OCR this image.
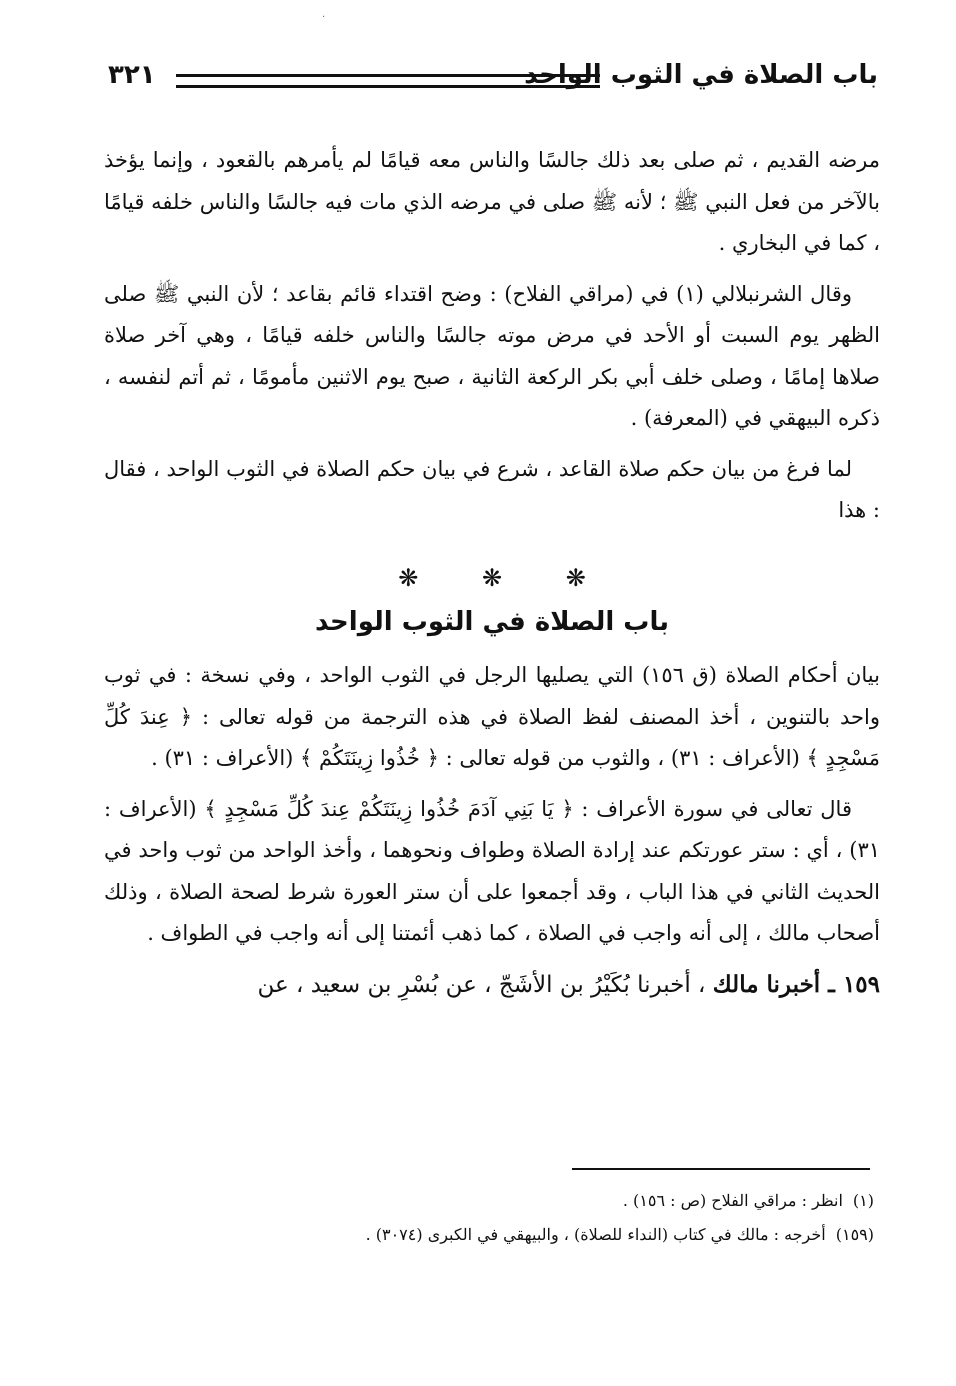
·
باب الصلاة في الثوب الواحد
٣٢١

مرضه القديم ، ثم صلى بعد ذلك جالسًا والناس معه قيامًا لم يأمرهم بالقعود ، وإنما يؤخذ بالآخر من فعل النبي ﷺ ؛ لأنه ﷺ صلى في مرضه الذي مات فيه جالسًا والناس خلفه قيامًا ، كما في البخاري .

وقال الشرنبلالي (١) في (مراقي الفلاح) : وضح اقتداء قائم بقاعد ؛ لأن النبي ﷺ صلى الظهر يوم السبت أو الأحد في مرض موته جالسًا والناس خلفه قيامًا ، وهي آخر صلاة صلاها إمامًا ، وصلى خلف أبي بكر الركعة الثانية ، صبح يوم الاثنين مأمومًا ، ثم أتم لنفسه ، ذكره البيهقي في (المعرفة) .

لما فرغ من بيان حكم صلاة القاعد ، شرع في بيان حكم الصلاة في الثوب الواحد ، فقال : هذا

❋	❋	❋
باب الصلاة في الثوب الواحد

بيان أحكام الصلاة (ق ١٥٦) التي يصليها الرجل في الثوب الواحد ، وفي نسخة : في ثوب واحد بالتنوين ، أخذ المصنف لفظ الصلاة في هذه الترجمة من قوله تعالى : ﴿ عِندَ كُلِّ مَسْجِدٍ ﴾ (الأعراف : ٣١) ، والثوب من قوله تعالى : ﴿ خُذُوا زِينَتَكُمْ ﴾ (الأعراف : ٣١) .

قال تعالى في سورة الأعراف : ﴿ يَا بَنِي آدَمَ خُذُوا زِينَتَكُمْ عِندَ كُلِّ مَسْجِدٍ ﴾ (الأعراف : ٣١) ، أي : ستر عورتكم عند إرادة الصلاة وطواف ونحوهما ، وأخذ الواحد من ثوب واحد في الحديث الثاني في هذا الباب ، وقد أجمعوا على أن ستر العورة شرط لصحة الصلاة ، وذلك أصحاب مالك ، إلى أنه واجب في الصلاة ، كما ذهب أئمتنا إلى أنه واجب في الطواف .

١٥٩ ـ أخبرنا مالك ، أخبرنا بُكَيْرُ بن الأشَجّ ، عن بُسْرِ بن سعيد ، عن

(١)انظر : مراقي الفلاح (ص : ١٥٦) .

(١٥٩)أخرجه : مالك في كتاب (النداء للصلاة) ، والبيهقي في الكبرى (٣٠٧٤) .
